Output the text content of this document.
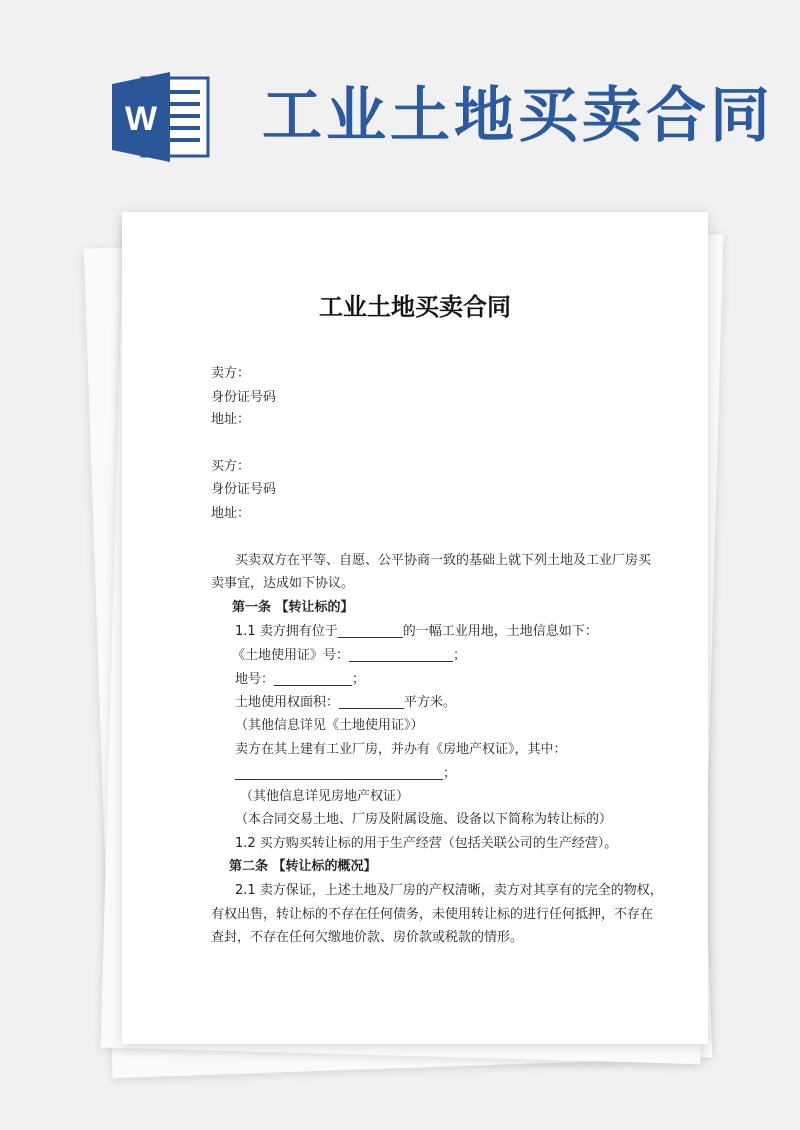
W 工业土地买卖合同
工业土地买卖合同
卖方：
身份证号码
地址：
买方：
身份证号码
地址：
买卖双方在平等、自愿、公平协商一致的基础上就下列土地及工业厂房买
卖事宜，达成如下协议。
第一条 【转让标的】
1.1 卖方拥有位于__________的一幅工业用地，土地信息如下：
《土地使用证》号：________________；
地号：____________；
土地使用权面积：__________平方米。
（其他信息详见《土地使用证》）
卖方在其上建有工业厂房，并办有《房地产权证》，其中：
________________________________；
（其他信息详见房地产权证）
（本合同交易土地、厂房及附属设施、设备以下简称为转让标的）
1.2 买方购买转让标的用于生产经营（包括关联公司的生产经营）。
第二条 【转让标的概况】
2.1 卖方保证，上述土地及厂房的产权清晰，卖方对其享有的完全的物权，
有权出售，转让标的不存在任何债务，未使用转让标的进行任何抵押，不存在
查封，不存在任何欠缴地价款、房价款或税款的情形。
